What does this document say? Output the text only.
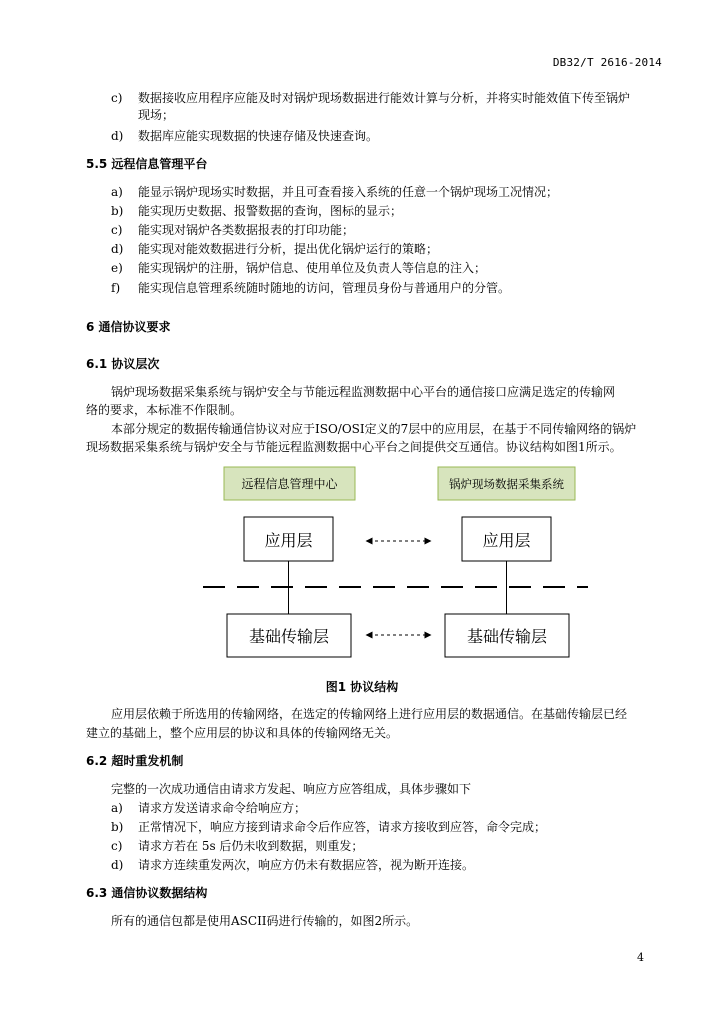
DB32/T 2616-2014
c) 数据接收应用程序应能及时对锅炉现场数据进行能效计算与分析，并将实时能效值下传至锅炉
现场；
d) 数据库应能实现数据的快速存储及快速查询。
5.5 远程信息管理平台
a) 能显示锅炉现场实时数据，并且可查看接入系统的任意一个锅炉现场工况情况；
b) 能实现历史数据、报警数据的查询，图标的显示；
c) 能实现对锅炉各类数据报表的打印功能；
d) 能实现对能效数据进行分析，提出优化锅炉运行的策略；
e) 能实现锅炉的注册，锅炉信息、使用单位及负责人等信息的注入；
f) 能实现信息管理系统随时随地的访问，管理员身份与普通用户的分管。
6 通信协议要求
6.1 协议层次
锅炉现场数据采集系统与锅炉安全与节能远程监测数据中心平台的通信接口应满足选定的传输网
络的要求，本标准不作限制。
本部分规定的数据传输通信协议对应于ISO/OSI定义的7层中的应用层，在基于不同传输网络的锅炉
现场数据采集系统与锅炉安全与节能远程监测数据中心平台之间提供交互通信。协议结构如图1所示。
远程信息管理中心	锅炉现场数据采集系统
应用层	应用层
基础传输层	基础传输层
图1 协议结构
应用层依赖于所选用的传输网络，在选定的传输网络上进行应用层的数据通信。在基础传输层已经
建立的基础上，整个应用层的协议和具体的传输网络无关。
6.2 超时重发机制
完整的一次成功通信由请求方发起、响应方应答组成，具体步骤如下
a) 请求方发送请求命令给响应方；
b) 正常情况下，响应方接到请求命令后作应答，请求方接收到应答，命令完成；
c) 请求方若在 5s 后仍未收到数据，则重发；
d) 请求方连续重发两次，响应方仍未有数据应答，视为断开连接。
6.3 通信协议数据结构
所有的通信包都是使用ASCII码进行传输的，如图2所示。
4
